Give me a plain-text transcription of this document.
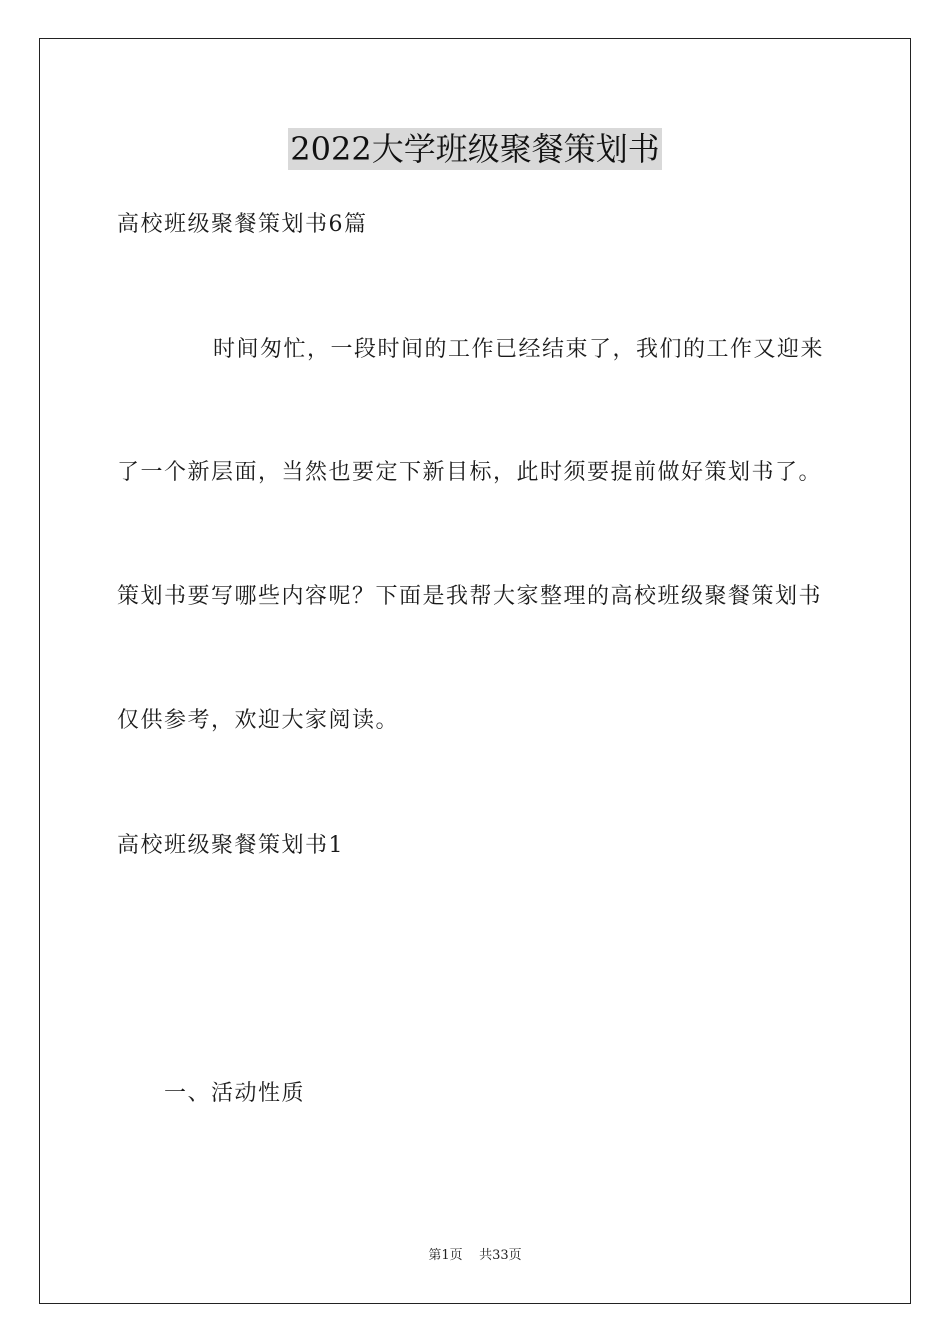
2022大学班级聚餐策划书
高校班级聚餐策划书6篇
时间匆忙，一段时间的工作已经结束了，我们的工作又迎来
了一个新层面，当然也要定下新目标，此时须要提前做好策划书了。
策划书要写哪些内容呢？下面是我帮大家整理的高校班级聚餐策划书
仅供参考，欢迎大家阅读。
高校班级聚餐策划书1
一、活动性质
第1页 共33页
